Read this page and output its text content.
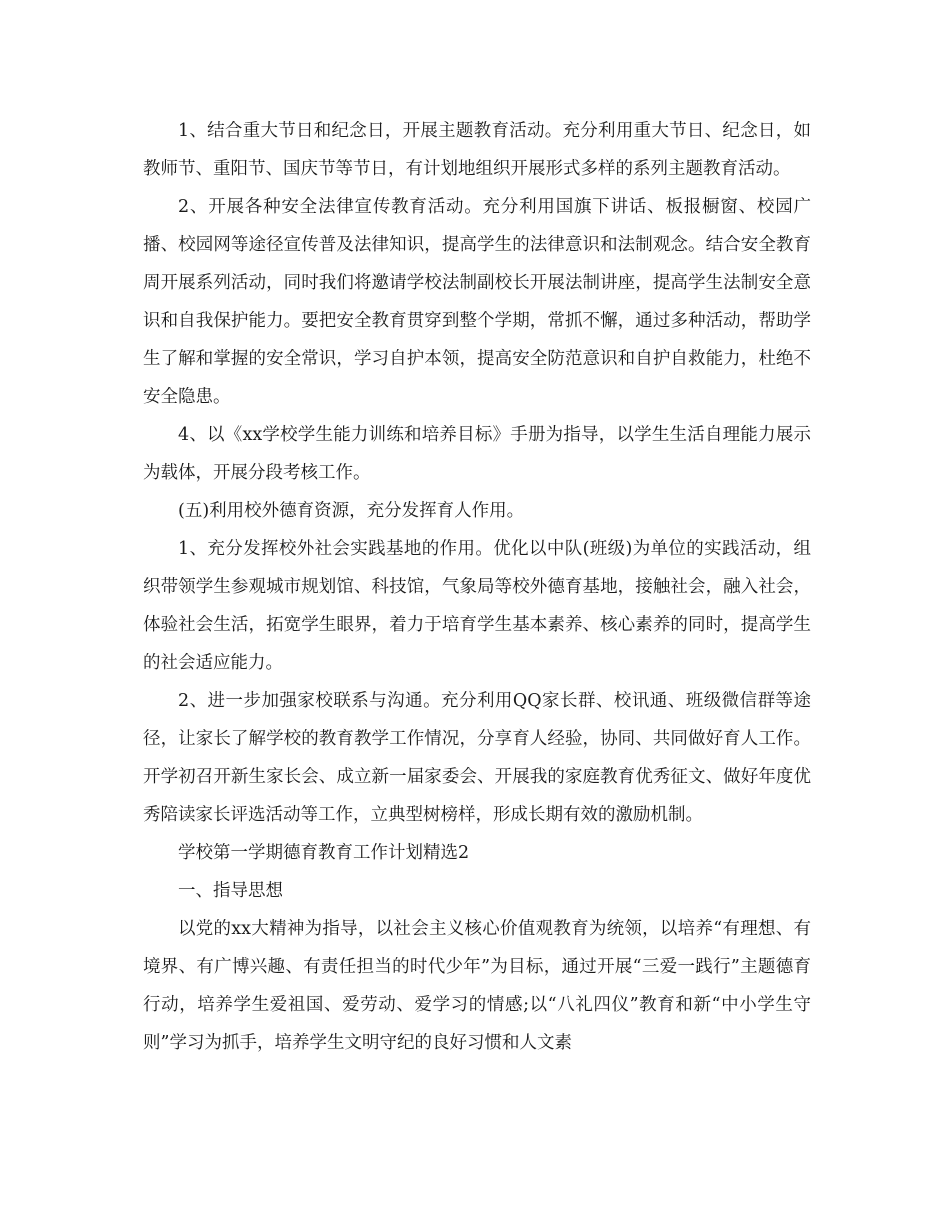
1、结合重大节日和纪念日，开展主题教育活动。充分利用重大节日、纪念日，如教师节、重阳节、国庆节等节日，有计划地组织开展形式多样的系列主题教育活动。

2、开展各种安全法律宣传教育活动。充分利用国旗下讲话、板报橱窗、校园广播、校园网等途径宣传普及法律知识，提高学生的法律意识和法制观念。结合安全教育周开展系列活动，同时我们将邀请学校法制副校长开展法制讲座，提高学生法制安全意识和自我保护能力。要把安全教育贯穿到整个学期，常抓不懈，通过多种活动，帮助学生了解和掌握的安全常识，学习自护本领，提高安全防范意识和自护自救能力，杜绝不安全隐患。

4、以《xx学校学生能力训练和培养目标》手册为指导，以学生生活自理能力展示为载体，开展分段考核工作。

(五)利用校外德育资源，充分发挥育人作用。

1、充分发挥校外社会实践基地的作用。优化以中队(班级)为单位的实践活动，组织带领学生参观城市规划馆、科技馆，气象局等校外德育基地，接触社会，融入社会，体验社会生活，拓宽学生眼界，着力于培育学生基本素养、核心素养的同时，提高学生的社会适应能力。

2、进一步加强家校联系与沟通。充分利用QQ家长群、校讯通、班级微信群等途径，让家长了解学校的教育教学工作情况，分享育人经验，协同、共同做好育人工作。开学初召开新生家长会、成立新一届家委会、开展我的家庭教育优秀征文、做好年度优秀陪读家长评选活动等工作，立典型树榜样，形成长期有效的激励机制。

学校第一学期德育教育工作计划精选2

一、指导思想

以党的xx大精神为指导，以社会主义核心价值观教育为统领，以培养“有理想、有境界、有广博兴趣、有责任担当的时代少年”为目标，通过开展“三爱一践行”主题德育行动，培养学生爱祖国、爱劳动、爱学习的情感;以“八礼四仪”教育和新“中小学生守则”学习为抓手，培养学生文明守纪的良好习惯和人文素
